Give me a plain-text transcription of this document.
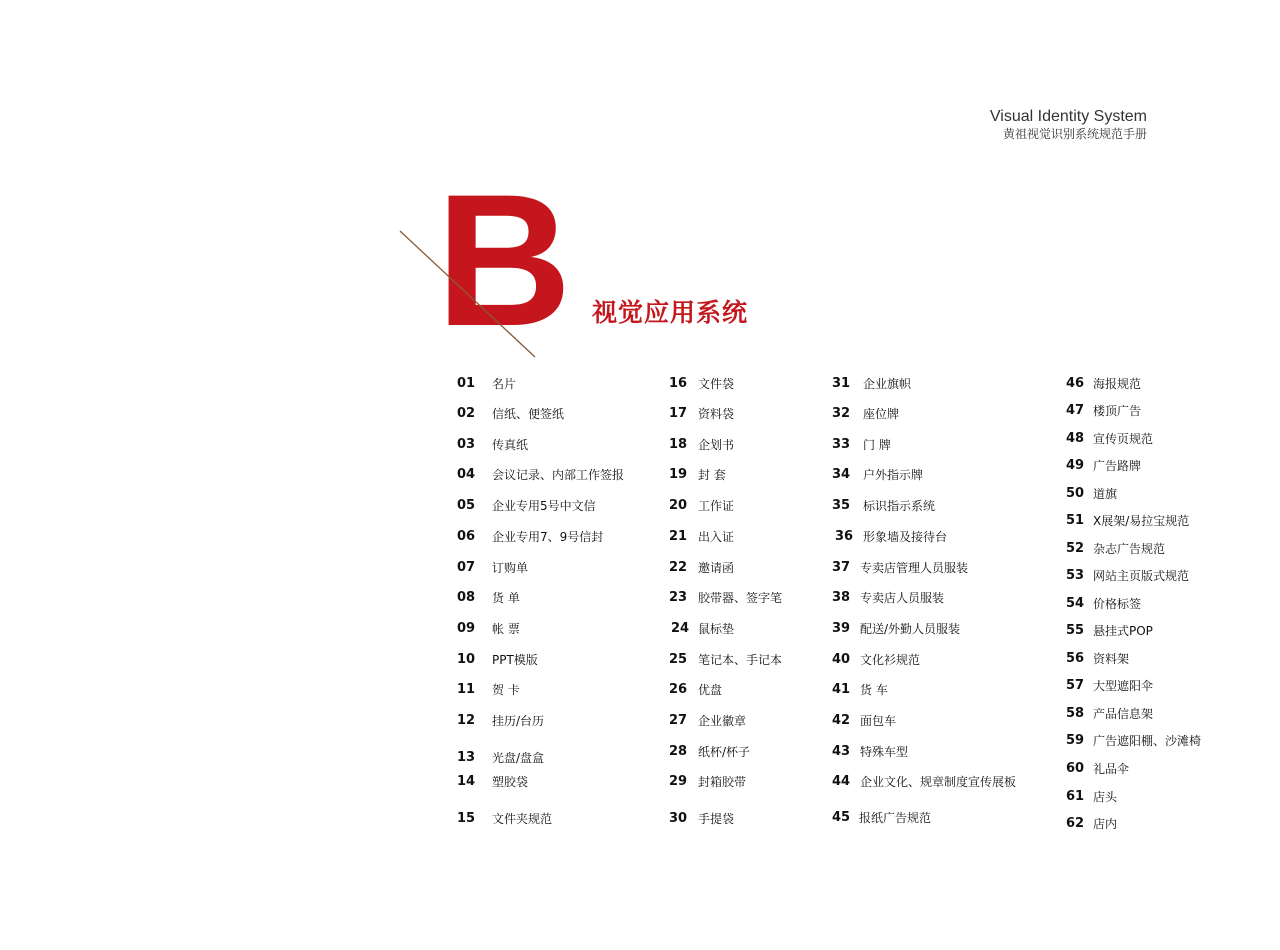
Visual Identity System
黄祖视觉识别系统规范手册
B 视觉应用系统
01 名片
02 信纸、便签纸
03 传真纸
04 会议记录、内部工作签报
05 企业专用5号中文信
06 企业专用7、9号信封
07 订购单
08 货 单
09 帐 票
10 PPT模版
11 贺 卡
12 挂历/台历
13 光盘/盘盒
14 塑胶袋
15 文件夹规范
16 文件袋
17 资料袋
18 企划书
19 封 套
20 工作证
21 出入证
22 邀请函
23 胶带器、签字笔
24 鼠标垫
25 笔记本、手记本
26 优盘
27 企业徽章
28 纸杯/杯子
29 封箱胶带
30 手提袋
31 企业旗帜
32 座位牌
33 门 牌
34 户外指示牌
35 标识指示系统
36 形象墙及接待台
37 专卖店管理人员服装
38 专卖店人员服装
39 配送/外勤人员服装
40 文化衫规范
41 货 车
42 面包车
43 特殊车型
44 企业文化、规章制度宣传展板
45 报纸广告规范
46 海报规范
47 楼顶广告
48 宣传页规范
49 广告路牌
50 道旗
51 X展架/易拉宝规范
52 杂志广告规范
53 网站主页版式规范
54 价格标签
55 悬挂式POP
56 资料架
57 大型遮阳伞
58 产品信息架
59 广告遮阳棚、沙滩椅
60 礼品伞
61 店头
62 店内
